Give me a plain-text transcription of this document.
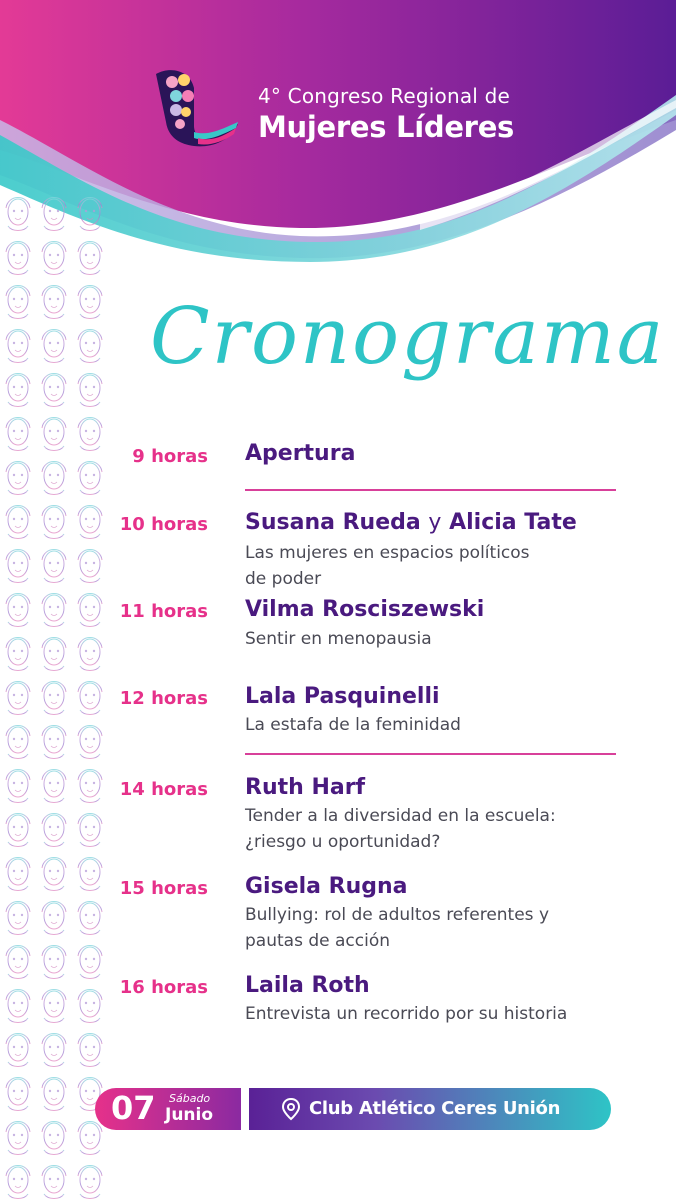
4° Congreso Regional de
Mujeres Líderes
Cronograma
9 horas Apertura
10 horas Susana Rueda y Alicia Tate
Las mujeres en espacios políticos
de poder
11 horas Vilma Rosciszewski
Sentir en menopausia
12 horas Lala Pasquinelli
La estafa de la feminidad
14 horas Ruth Harf
Tender a la diversidad en la escuela:
¿riesgo u oportunidad?
15 horas Gisela Rugna
Bullying: rol de adultos referentes y
pautas de acción
16 horas Laila Roth
Entrevista un recorrido por su historia
07 Sábado
Junio	Club Atlético Ceres Unión
